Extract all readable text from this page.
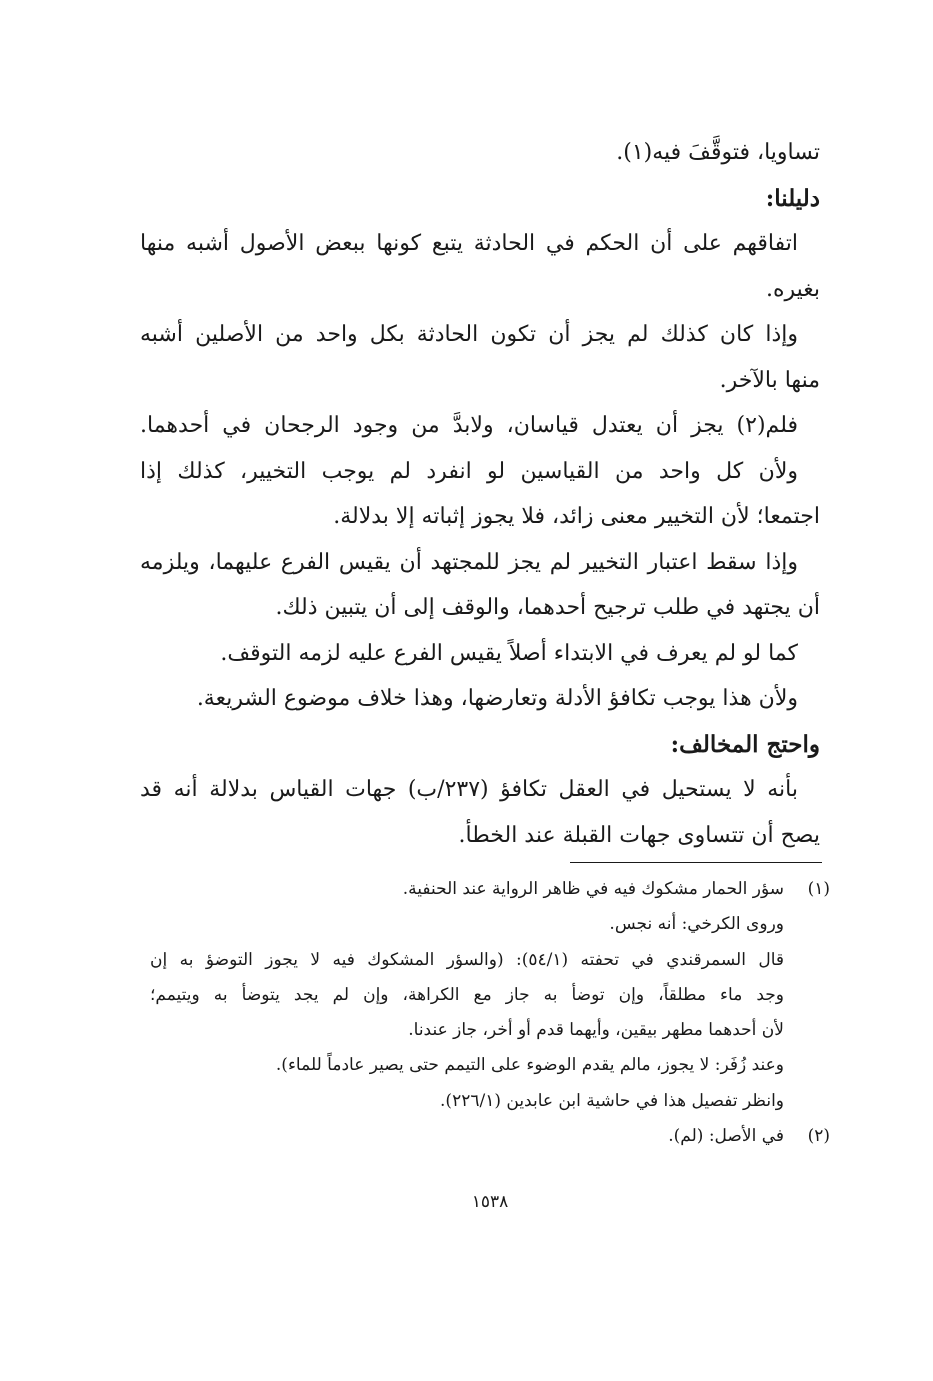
تساويا، فتوقَّفَ فيه(١).
دليلنا:
اتفاقهم على أن الحكم في الحادثة يتبع كونها ببعض الأصول أشبه منها
بغيره.
وإذا كان كذلك لم يجز أن تكون الحادثة بكل واحد من الأصلين أشبه
منها بالآخر.
فلم(٢) يجز أن يعتدل قياسان، ولابدَّ من وجود الرجحان في أحدهما.
ولأن كل واحد من القياسين لو انفرد لم يوجب التخيير، كذلك إذا
اجتمعا؛ لأن التخيير معنى زائد، فلا يجوز إثباته إلا بدلالة.
وإذا سقط اعتبار التخيير لم يجز للمجتهد أن يقيس الفرع عليهما، ويلزمه
أن يجتهد في طلب ترجيح أحدهما، والوقف إلى أن يتبين ذلك.
كما لو لم يعرف في الابتداء أصلاً يقيس الفرع عليه لزمه التوقف.
ولأن هذا يوجب تكافؤ الأدلة وتعارضها، وهذا خلاف موضوع الشريعة.
واحتج المخالف:
بأنه لا يستحيل في العقل تكافؤ (٢٣٧/ب) جهات القياس بدلالة أنه قد
يصح أن تتساوى جهات القبلة عند الخطأ.
(١)
سؤر الحمار مشكوك فيه في ظاهر الرواية عند الحنفية.
وروى الكرخي: أنه نجس.
قال السمرقندي في تحفته (٥٤/١): (والسؤر المشكوك فيه لا يجوز التوضؤ به إن
وجد ماء مطلقاً، وإن توضأ به جاز مع الكراهة، وإن لم يجد يتوضأ به ويتيمم؛
لأن أحدهما مطهر بيقين، وأيهما قدم أو أخر، جاز عندنا.
وعند زُفَر: لا يجوز، مالم يقدم الوضوء على التيمم حتى يصير عادماً للماء).
وانظر تفصيل هذا في حاشية ابن عابدين (٢٢٦/١).
(٢)
في الأصل: (لم).
١٥٣٨
